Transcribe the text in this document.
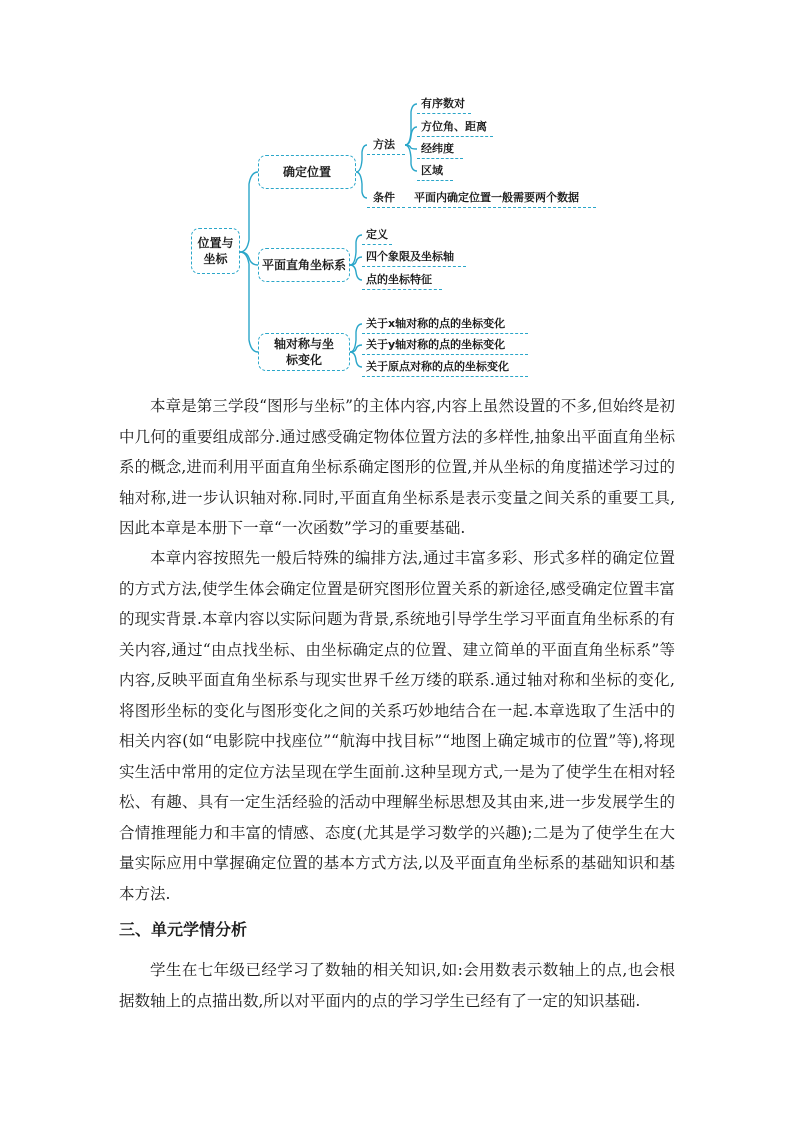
位置与坐标
确定位置
平面直角坐标系
轴对称与坐标变化
方法
条件
有序数对
方位角、距离
经纬度
区域
平面内确定位置一般需要两个数据
定义
四个象限及坐标轴
点的坐标特征
关于x轴对称的点的坐标变化
关于y轴对称的点的坐标变化
关于原点对称的点的坐标变化

本章是第三学段“图形与坐标”的主体内容,内容上虽然设置的不多,但始终是初中几何的重要组成部分.通过感受确定物体位置方法的多样性,抽象出平面直角坐标系的概念,进而利用平面直角坐标系确定图形的位置,并从坐标的角度描述学习过的轴对称,进一步认识轴对称.同时,平面直角坐标系是表示变量之间关系的重要工具,因此本章是本册下一章“一次函数”学习的重要基础.

本章内容按照先一般后特殊的编排方法,通过丰富多彩、形式多样的确定位置的方式方法,使学生体会确定位置是研究图形位置关系的新途径,感受确定位置丰富的现实背景.本章内容以实际问题为背景,系统地引导学生学习平面直角坐标系的有关内容,通过“由点找坐标、由坐标确定点的位置、建立简单的平面直角坐标系”等内容,反映平面直角坐标系与现实世界千丝万缕的联系.通过轴对称和坐标的变化,将图形坐标的变化与图形变化之间的关系巧妙地结合在一起.本章选取了生活中的相关内容(如“电影院中找座位”“航海中找目标”“地图上确定城市的位置”等),将现实生活中常用的定位方法呈现在学生面前.这种呈现方式,一是为了使学生在相对轻松、有趣、具有一定生活经验的活动中理解坐标思想及其由来,进一步发展学生的合情推理能力和丰富的情感、态度(尤其是学习数学的兴趣);二是为了使学生在大量实际应用中掌握确定位置的基本方式方法,以及平面直角坐标系的基础知识和基本方法.

三、单元学情分析

学生在七年级已经学习了数轴的相关知识,如:会用数表示数轴上的点,也会根据数轴上的点描出数,所以对平面内的点的学习学生已经有了一定的知识基础.
